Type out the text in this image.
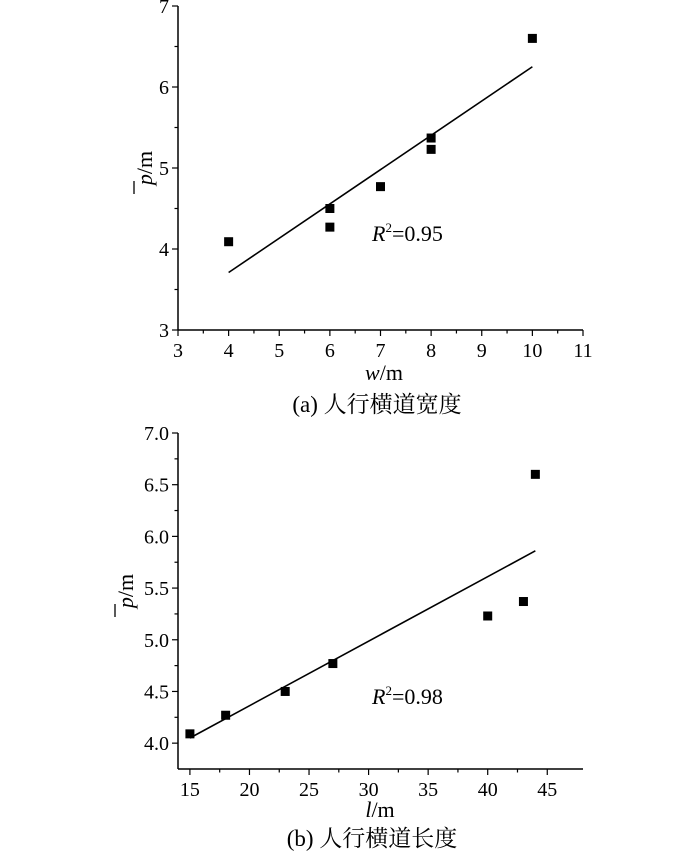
3 4 5 6 7 8 9 10 11
3
4
5
6
7
$R^2=0.95$
w/m
p/m
(a) 人行横道宽度
15 20 25 30 35 40 45
4.0
4.5
5.0
5.5
6.0
6.5
7.0
$R^2=0.98$
l/m
p/m
(b) 人行横道长度
